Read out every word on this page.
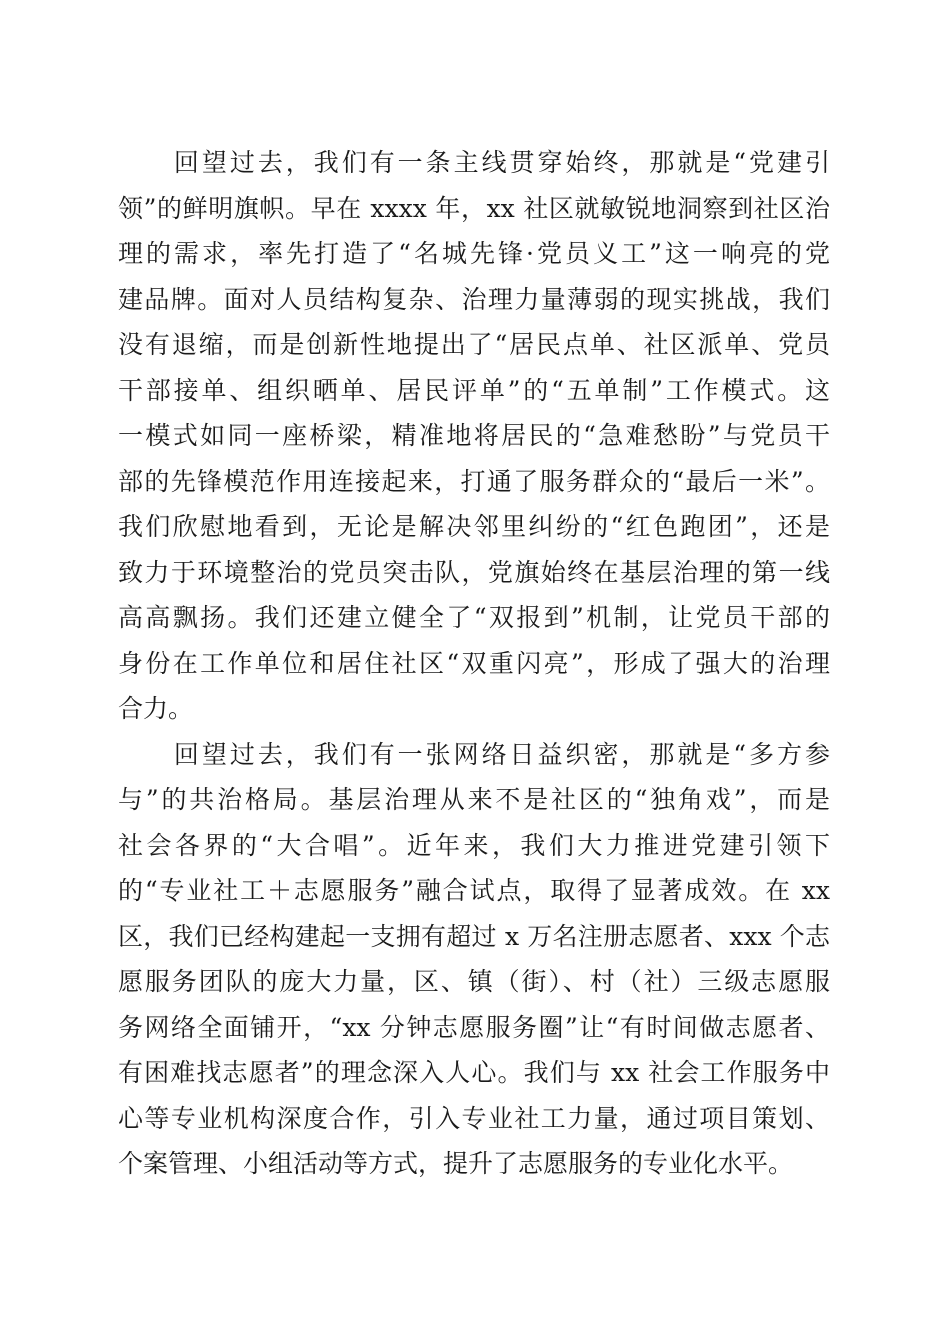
　　回望过去，我们有一条主线贯穿始终，那就是“党建引
领”的鲜明旗帜。早在 xxxx 年，xx 社区就敏锐地洞察到社区治
理的需求，率先打造了“名城先锋·党员义工”这一响亮的党
建品牌。面对人员结构复杂、治理力量薄弱的现实挑战，我们
没有退缩，而是创新性地提出了“居民点单、社区派单、党员
干部接单、组织晒单、居民评单”的“五单制”工作模式。这
一模式如同一座桥梁，精准地将居民的“急难愁盼”与党员干
部的先锋模范作用连接起来，打通了服务群众的“最后一米”。
我们欣慰地看到，无论是解决邻里纠纷的“红色跑团”，还是
致力于环境整治的党员突击队，党旗始终在基层治理的第一线
高高飘扬。我们还建立健全了“双报到”机制，让党员干部的
身份在工作单位和居住社区“双重闪亮”，形成了强大的治理
合力。
　　回望过去，我们有一张网络日益织密，那就是“多方参
与”的共治格局。基层治理从来不是社区的“独角戏”，而是
社会各界的“大合唱”。近年来，我们大力推进党建引领下
的“专业社工＋志愿服务”融合试点，取得了显著成效。在 xx
区，我们已经构建起一支拥有超过 x 万名注册志愿者、xxx 个志
愿服务团队的庞大力量，区、镇（街）、村（社）三级志愿服
务网络全面铺开，“xx 分钟志愿服务圈”让“有时间做志愿者、
有困难找志愿者”的理念深入人心。我们与 xx 社会工作服务中
心等专业机构深度合作，引入专业社工力量，通过项目策划、
个案管理、小组活动等方式，提升了志愿服务的专业化水平。
